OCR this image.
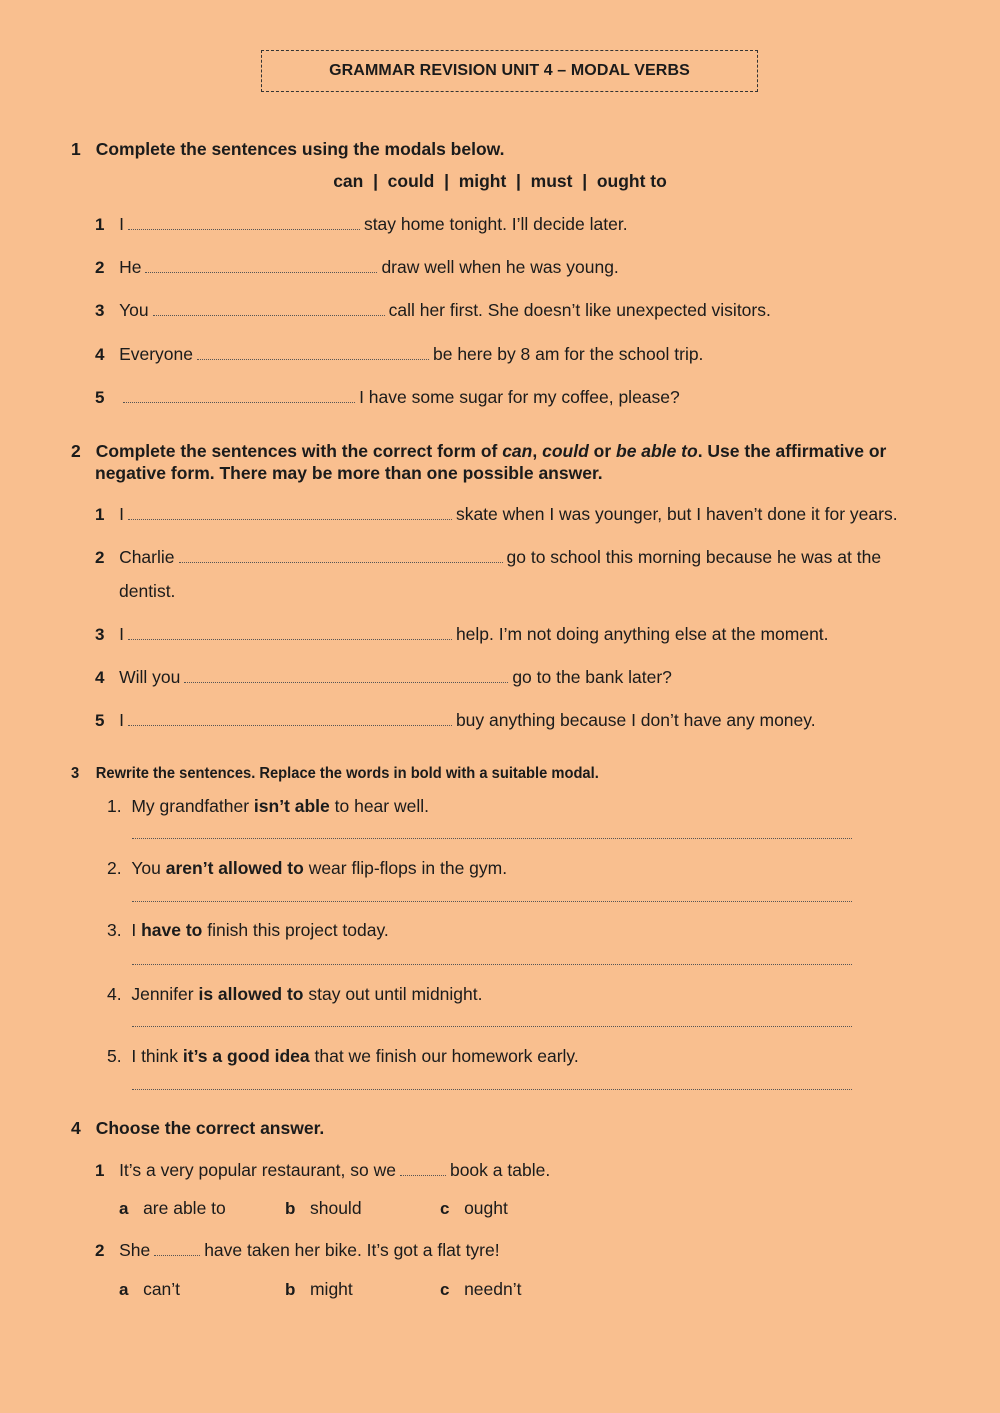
GRAMMAR REVISION UNIT 4 – MODAL VERBS
1 Complete the sentences using the modals below.
can  |  could  |  might  |  must  |  ought to
1 I	stay home tonight. I’ll decide later.
2 He	draw well when he was young.
3 You	call her first. She doesn’t like unexpected visitors.
4 Everyone	be here by 8 am for the school trip.
5	I have some sugar for my coffee, please?
2 Complete the sentences with the correct form of can, could or be able to. Use the affirmative or
negative form. There may be more than one possible answer.
1 I	skate when I was younger, but I haven’t done it for years.
2 Charlie	go to school this morning because he was at the
dentist.
3 I	help. I’m not doing anything else at the moment.
4 Will you	go to the bank later?
5 I	buy anything because I don’t have any money.
3 Rewrite the sentences. Replace the words in bold with a suitable modal.
1. My grandfather isn’t able to hear well.
2. You aren’t allowed to wear flip-flops in the gym.
3. I have to finish this project today.
4. Jennifer is allowed to stay out until midnight.
5. I think it’s a good idea that we finish our homework early.
4 Choose the correct answer.
1 It’s a very popular restaurant, so we	book a table.
a are able to	b should	c ought
2 She	have taken her bike. It’s got a flat tyre!
a can’t	b might	c needn’t
